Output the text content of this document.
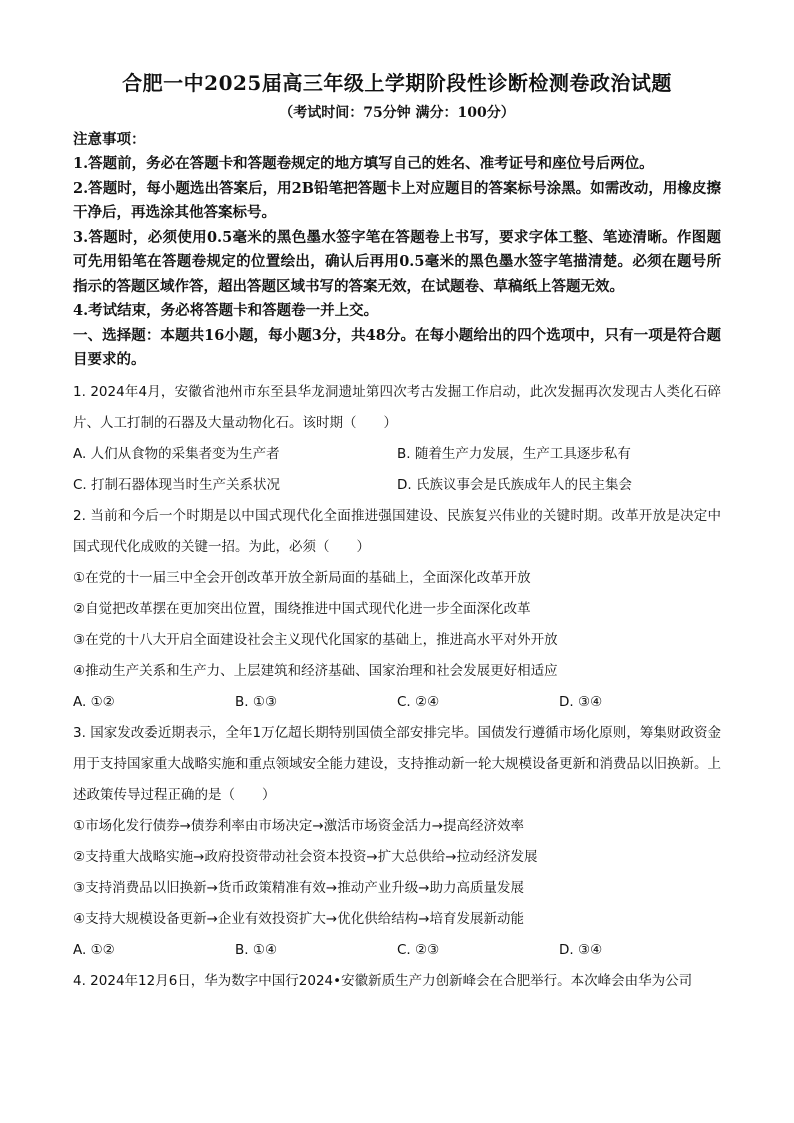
合肥一中2025届高三年级上学期阶段性诊断检测卷政治试题

（考试时间：75分钟 满分：100分）

注意事项：

1.答题前，务必在答题卡和答题卷规定的地方填写自己的姓名、准考证号和座位号后两位。

2.答题时，每小题选出答案后，用2B铅笔把答题卡上对应题目的答案标号涂黑。如需改动，用橡皮擦干净后，再选涂其他答案标号。

3.答题时，必须使用0.5毫米的黑色墨水签字笔在答题卷上书写，要求字体工整、笔迹清晰。作图题可先用铅笔在答题卷规定的位置绘出，确认后再用0.5毫米的黑色墨水签字笔描清楚。必须在题号所指示的答题区域作答，超出答题区域书写的答案无效，在试题卷、草稿纸上答题无效。

4.考试结束，务必将答题卡和答题卷一并上交。

一、选择题：本题共16小题，每小题3分，共48分。在每小题给出的四个选项中，只有一项是符合题目要求的。

1. 2024年4月，安徽省池州市东至县华龙洞遗址第四次考古发掘工作启动，此次发掘再次发现古人类化石碎片、人工打制的石器及大量动物化石。该时期（　　）

A. 人们从食物的采集者变为生产者	B. 随着生产力发展，生产工具逐步私有
C. 打制石器体现当时生产关系状况	D. 氏族议事会是氏族成年人的民主集会

2. 当前和今后一个时期是以中国式现代化全面推进强国建设、民族复兴伟业的关键时期。改革开放是决定中国式现代化成败的关键一招。为此，必须（　　）

①在党的十一届三中全会开创改革开放全新局面的基础上，全面深化改革开放

②自觉把改革摆在更加突出位置，围绕推进中国式现代化进一步全面深化改革

③在党的十八大开启全面建设社会主义现代化国家的基础上，推进高水平对外开放

④推动生产关系和生产力、上层建筑和经济基础、国家治理和社会发展更好相适应

A. ①②	B. ①③	C. ②④	D. ③④

3. 国家发改委近期表示，全年1万亿超长期特别国债全部安排完毕。国债发行遵循市场化原则，筹集财政资金用于支持国家重大战略实施和重点领域安全能力建设，支持推动新一轮大规模设备更新和消费品以旧换新。上述政策传导过程正确的是（　　）

①市场化发行债券→债券利率由市场决定→激活市场资金活力→提高经济效率

②支持重大战略实施→政府投资带动社会资本投资→扩大总供给→拉动经济发展

③支持消费品以旧换新→货币政策精准有效→推动产业升级→助力高质量发展

④支持大规模设备更新→企业有效投资扩大→优化供给结构→培育发展新动能

A. ①②	B. ①④	C. ②③	D. ③④

4. 2024年12月6日，华为数字中国行2024•安徽新质生产力创新峰会在合肥举行。本次峰会由华为公司
